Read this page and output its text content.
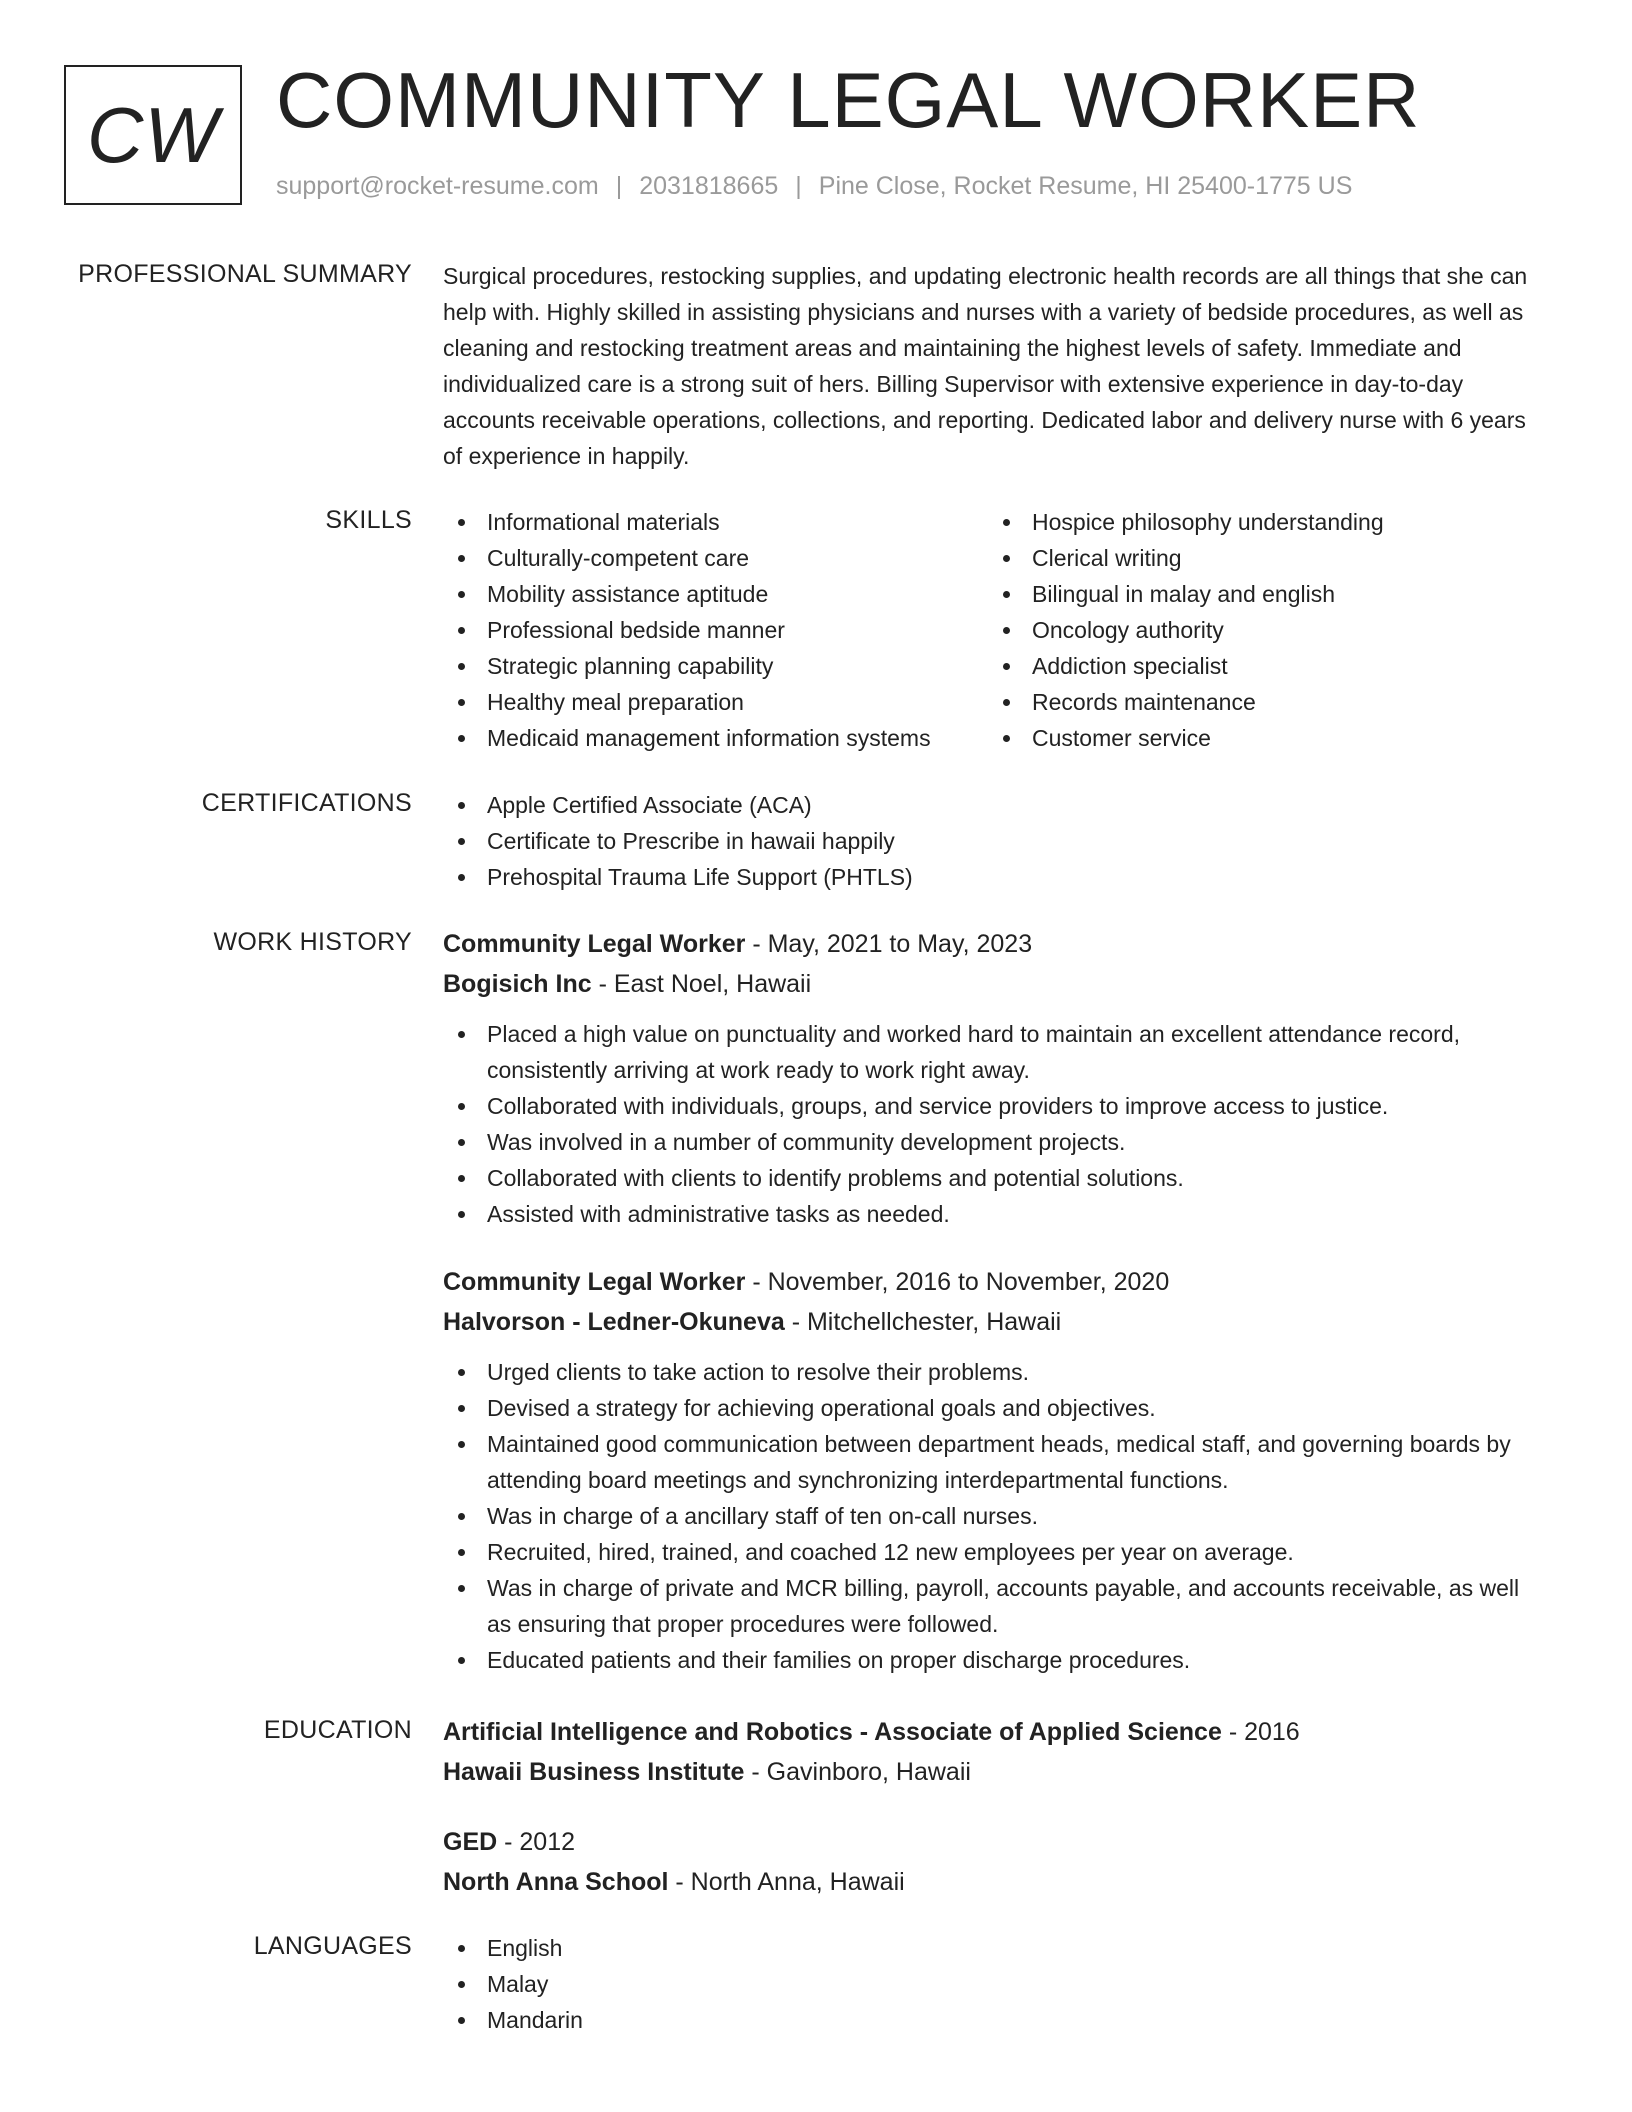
CW COMMUNITY LEGAL WORKER
support@rocket-resume.com | 2031818665 | Pine Close, Rocket Resume, HI 25400-1775 US
PROFESSIONAL SUMMARY Surgical procedures, restocking supplies, and updating electronic health records are all things that she can help with. Highly skilled in assisting physicians and nurses with a variety of bedside procedures, as well as cleaning and restocking treatment areas and maintaining the highest levels of safety. Immediate and individualized care is a strong suit of hers. Billing Supervisor with extensive experience in day-to-day accounts receivable operations, collections, and reporting. Dedicated labor and delivery nurse with 6 years of experience in happily.

SKILLS	Informational materials
Culturally-competent care
Mobility assistance aptitude
Professional bedside manner
Strategic planning capability
Healthy meal preparation
Medicaid management information systems
Hospice philosophy understanding
Clerical writing
Bilingual in malay and english
Oncology authority
Addiction specialist
Records maintenance
Customer service
CERTIFICATIONS	Apple Certified Associate (ACA)
Certificate to Prescribe in hawaii happily
Prehospital Trauma Life Support (PHTLS)
WORK HISTORY Community Legal Worker - May, 2021 to May, 2023
Bogisich Inc - East Noel, Hawaii
Placed a high value on punctuality and worked hard to maintain an excellent attendance record, consistently arriving at work ready to work right away.
Collaborated with individuals, groups, and service providers to improve access to justice.
Was involved in a number of community development projects.
Collaborated with clients to identify problems and potential solutions.
Assisted with administrative tasks as needed.
Community Legal Worker - November, 2016 to November, 2020
Halvorson - Ledner-Okuneva - Mitchellchester, Hawaii
Urged clients to take action to resolve their problems.
Devised a strategy for achieving operational goals and objectives.
Maintained good communication between department heads, medical staff, and governing boards by attending board meetings and synchronizing interdepartmental functions.
Was in charge of a ancillary staff of ten on-call nurses.
Recruited, hired, trained, and coached 12 new employees per year on average.
Was in charge of private and MCR billing, payroll, accounts payable, and accounts receivable, as well as ensuring that proper procedures were followed.
Educated patients and their families on proper discharge procedures.
EDUCATION Artificial Intelligence and Robotics - Associate of Applied Science - 2016
Hawaii Business Institute - Gavinboro, Hawaii
GED - 2012
North Anna School - North Anna, Hawaii
LANGUAGES	English
Malay
Mandarin
